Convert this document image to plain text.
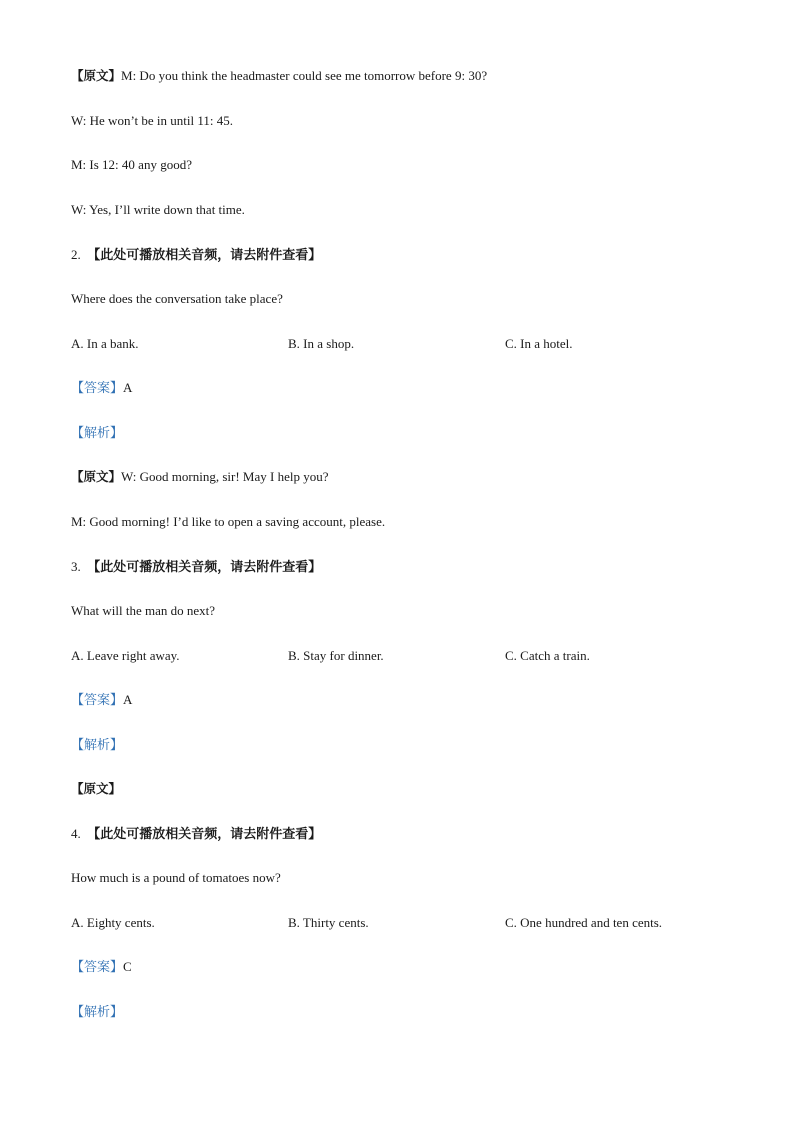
【原文】M: Do you think the headmaster could see me tomorrow before 9: 30?
W: He won’t be in until 11: 45.
M: Is 12: 40 any good?
W: Yes, I’ll write down that time.
2. 【此处可播放相关音频，请去附件查看】
Where does the conversation take place?
A. In a bank.	B. In a shop.	C. In a hotel.
【答案】A
【解析】
【原文】W: Good morning, sir! May I help you?
M: Good morning! I’d like to open a saving account, please.
3. 【此处可播放相关音频，请去附件查看】
What will the man do next?
A. Leave right away.	B. Stay for dinner.	C. Catch a train.
【答案】A
【解析】
【原文】
4. 【此处可播放相关音频，请去附件查看】
How much is a pound of tomatoes now?
A. Eighty cents.	B. Thirty cents.	C. One hundred and ten cents.
【答案】C
【解析】
